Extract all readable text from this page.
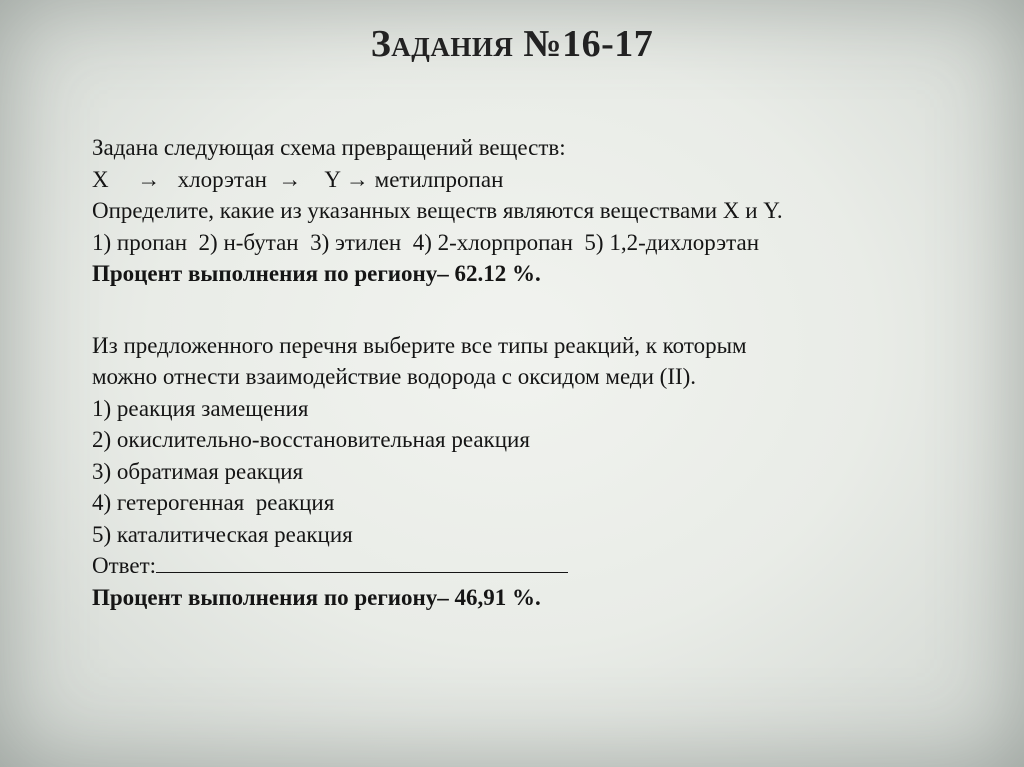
Задания №16-17
Задана следующая схема превращений веществ:
X     →   хлорэтан  →    Y → метилпропан
Определите, какие из указанных веществ являются веществами X и Y.
1) пропан  2) н-бутан  3) этилен  4) 2-хлорпропан  5) 1,2-дихлорэтан
Процент выполнения по региону– 62.12 %.
Из предложенного перечня выберите все типы реакций, к которым
можно отнести взаимодействие водорода с оксидом меди (II).
1) реакция замещения
2) окислительно-восстановительная реакция
3) обратимая реакция
4) гетерогенная  реакция
5) каталитическая реакция
Ответ:
Процент выполнения по региону– 46,91 %.
